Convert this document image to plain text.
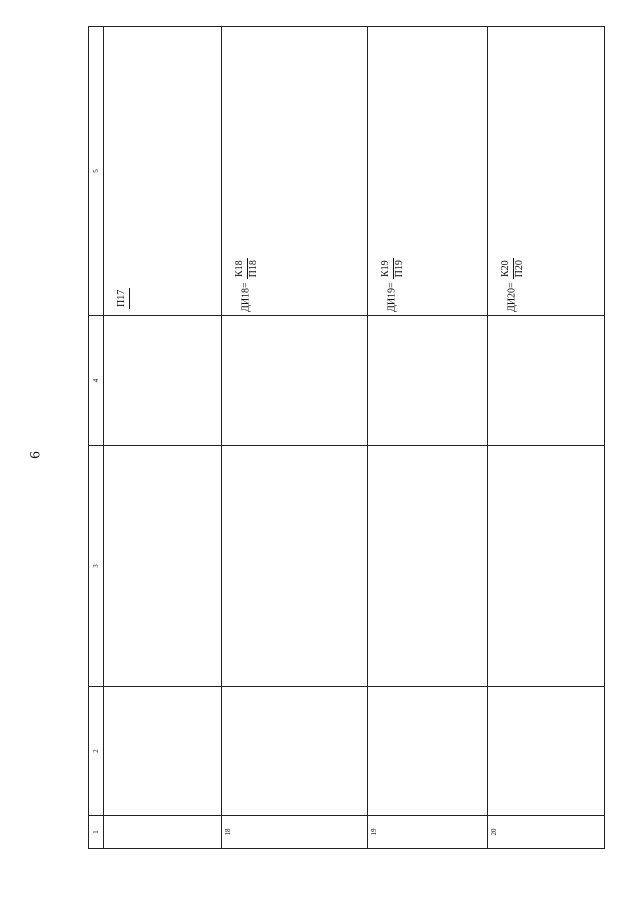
6
1	2	3	4	5

				П17

18				ДИ18=
К18 П18

19				ДИ19=
К19 П19

20				ДИ20=
К20 П20
